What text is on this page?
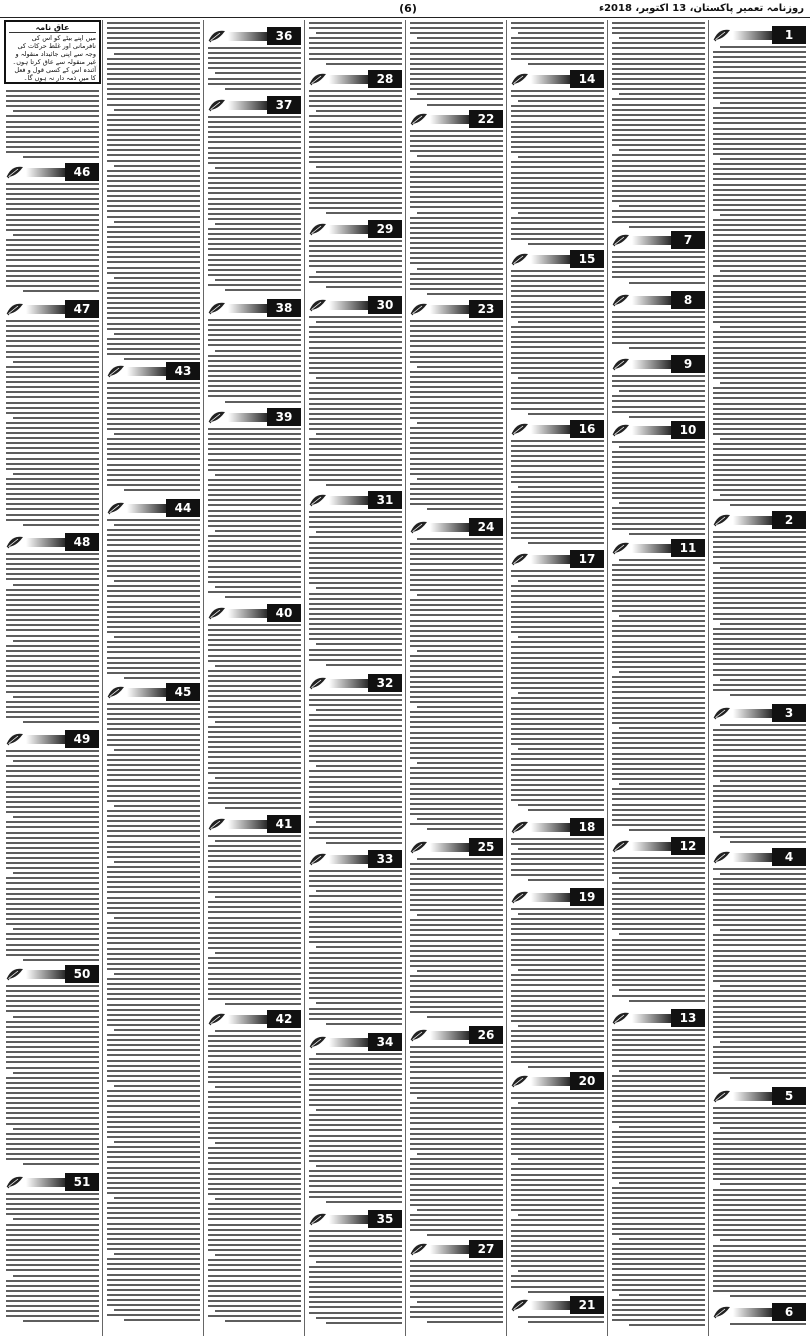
(6)	روزنامہ تعمیر پاکستان، 13 اکتوبر، 2018ء
عاق نامہ
میں اپنے بیٹے کو اس کی نافرمانی اور غلط حرکات کی وجہ سے اپنی جائیداد منقولہ و غیر منقولہ سے عاق کرتا ہوں۔ آئندہ اس کے کسی قول و فعل کا میں ذمہ دار نہ ہوں گا۔
46
47
48
49
50
51
43
44
45
36
37
38
39
40
41
42
28
29
30
31
32
33
34
35
22
23
24
25
26
27
14
15
16
17
18
19
20
21
7
8
9
10
11
12
13
1
2
3
4
5
6
